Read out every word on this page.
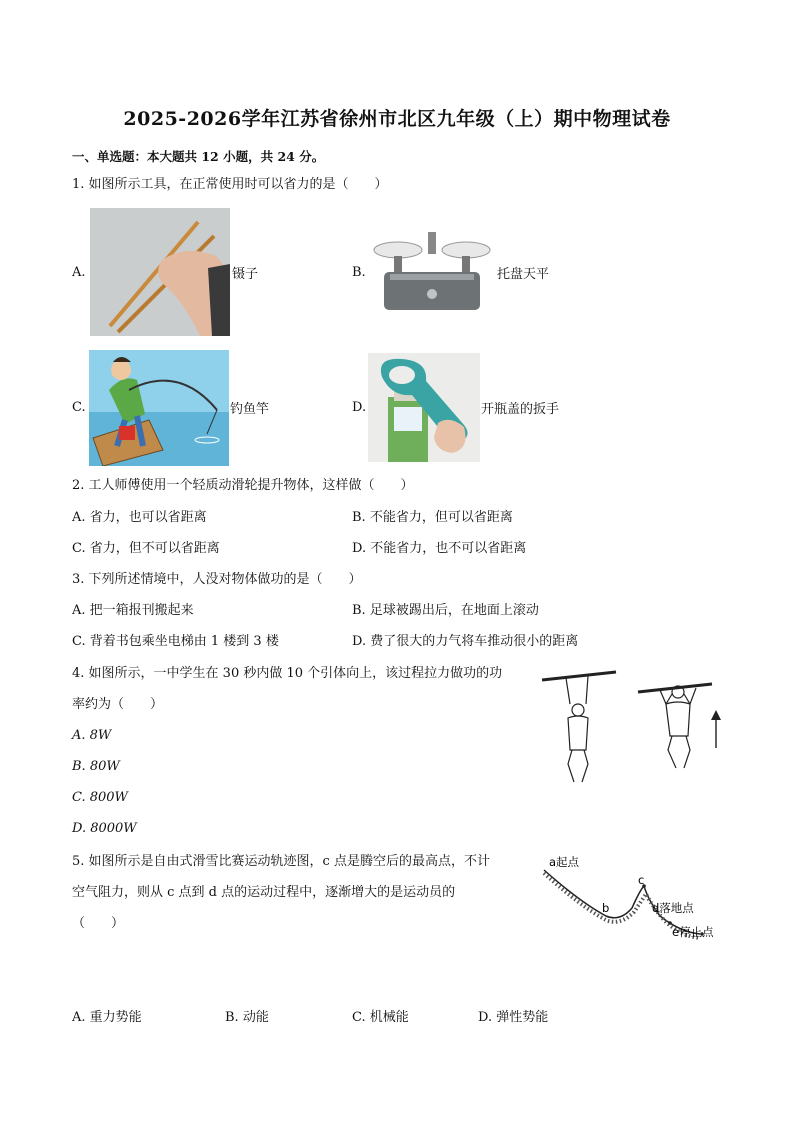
2025-2026学年江苏省徐州市北区九年级（上）期中物理试卷
一、单选题：本大题共 12 小题，共 24 分。
1. 如图所示工具，在正常使用时可以省力的是（　　）
A.	镊子	B.	托盘天平
C.	钓鱼竿	D.	开瓶盖的扳手
2. 工人师傅使用一个轻质动滑轮提升物体，这样做（　　）
A. 省力，也可以省距离	B. 不能省力，但可以省距离
C. 省力，但不可以省距离	D. 不能省力，也不可以省距离
3. 下列所述情境中，人没对物体做功的是（　　）
A. 把一箱报刊搬起来	B. 足球被踢出后，在地面上滚动
C. 背着书包乘坐电梯由 1 楼到 3 楼	D. 费了很大的力气将车推动很小的距离
4. 如图所示，一中学生在 30 秒内做 10 个引体向上，该过程拉力做功的功
率约为（　　）
A. 8W
B. 80W
C. 800W
D. 8000W
5. 如图所示是自由式滑雪比赛运动轨迹图，c 点是腾空后的最高点，不计
空气阻力，则从 c 点到 d 点的运动过程中，逐渐增大的是运动员的
（　　）
a起点
b
c
d落地点
e停止点
A. 重力势能	B. 动能	C. 机械能	D. 弹性势能
